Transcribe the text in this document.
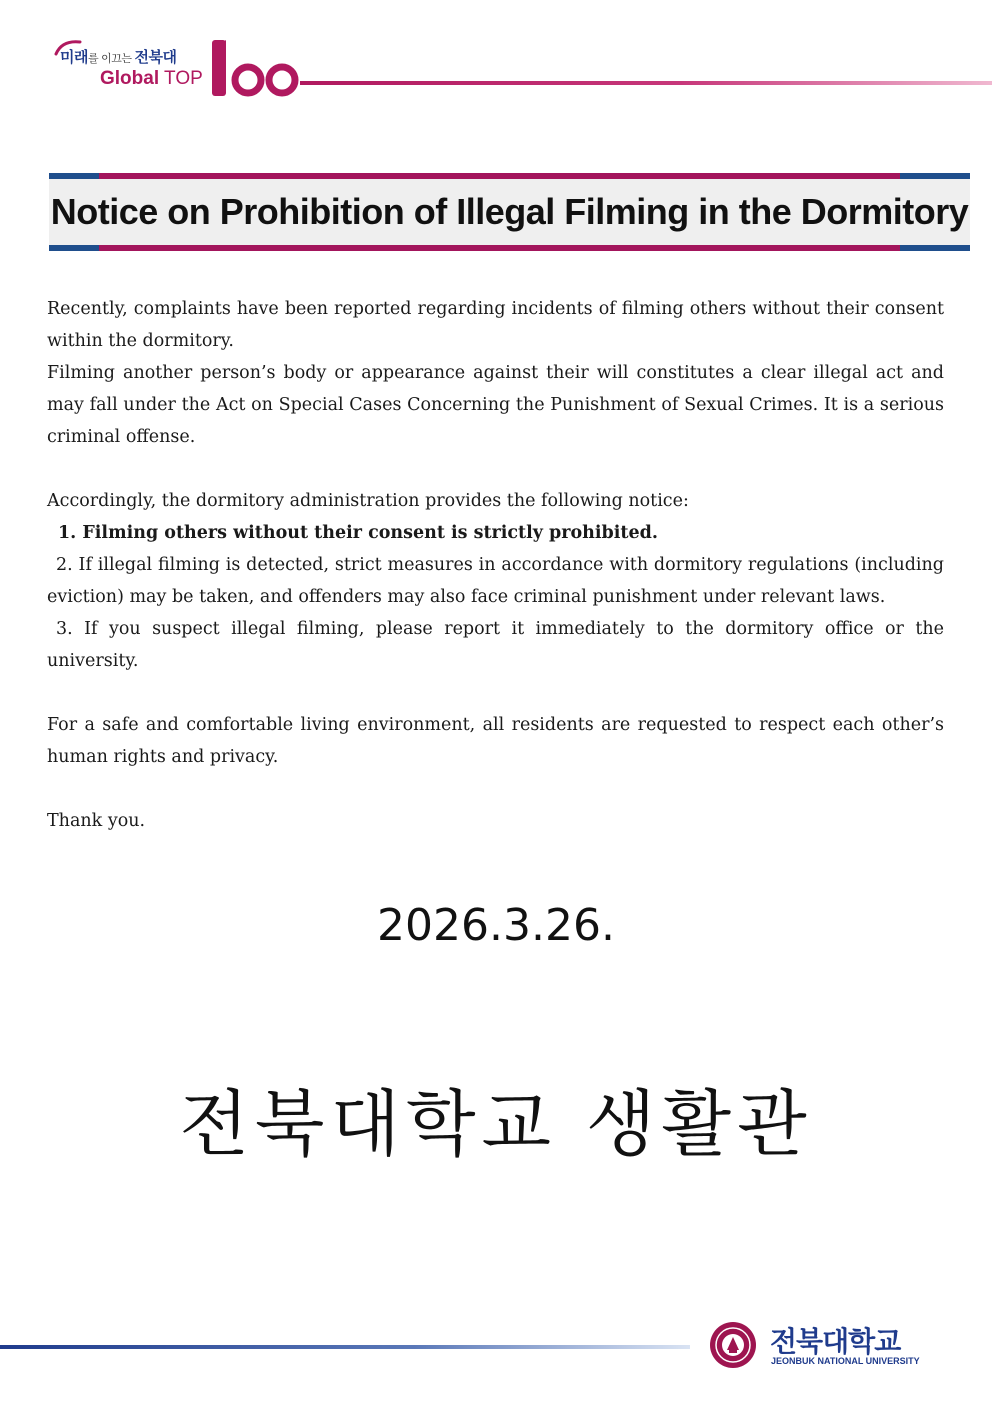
미래를 이끄는 전북대
Global TOP
100
Notice on Prohibition of Illegal Filming in the Dormitory

Recently, complaints have been reported regarding incidents of filming others without their consent within the dormitory.

Filming another person’s body or appearance against their will constitutes a clear illegal act and may fall under the Act on Special Cases Concerning the Punishment of Sexual Crimes. It is a serious criminal offense.

Accordingly, the dormitory administration provides the following notice:

1. Filming others without their consent is strictly prohibited.

2. If illegal filming is detected, strict measures in accordance with dormitory regulations (including eviction) may be taken, and offenders may also face criminal punishment under relevant laws.

3. If you suspect illegal filming, please report it immediately to the dormitory office or the university.

For a safe and comfortable living environment, all residents are requested to respect each other’s human rights and privacy.

Thank you.

2026.3.26.
전북대학교 생활관
전북대학교
JEONBUK NATIONAL UNIVERSITY
